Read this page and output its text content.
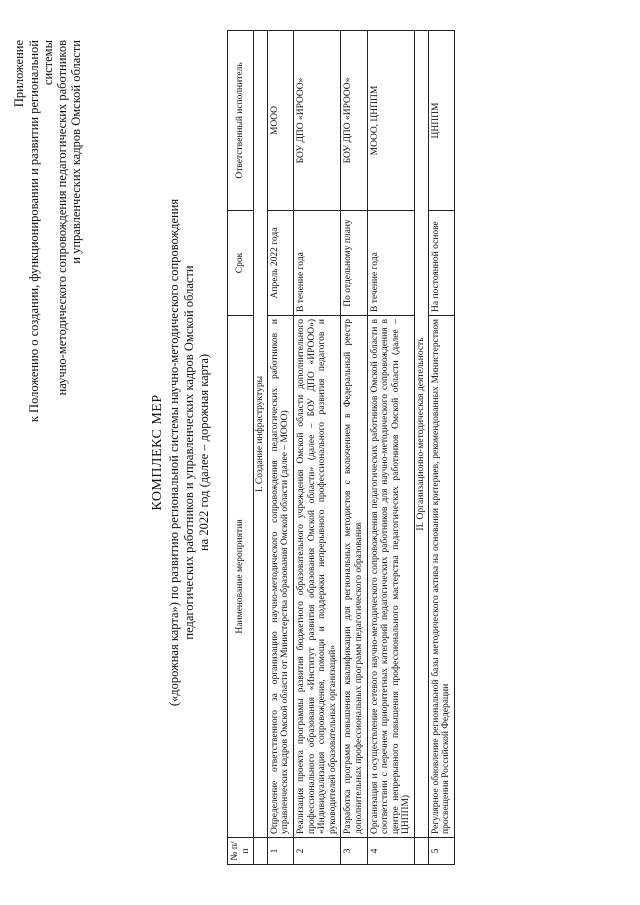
Приложение к Положению о создании, функционировании и развитии региональной системы научно-методического сопровождения педагогических работников и управленческих кадров Омской области
КОМПЛЕКС МЕР («дорожная карта») по развитию региональной системы научно-методического сопровождения педагогических работников и управленческих кадров Омской области на 2022 год (далее – дорожная карта)
№ п/п	Наименование мероприятия	Срок	Ответственный исполнитель
	I. Создание инфраструктуры		
1	Определение ответственного за организацию научно-методического сопровождения педагогических работников и управленческих кадров Омской области от Министерства образования Омской области (далее – МООО)	Апрель 2022 года	МООО
2	Реализация проекта программы развития бюджетного образовательного учреждения Омской области дополнительного профессионального образования «Институт развития образования Омской области» (далее – БОУ ДПО «ИРООО») «Индивидуализация сопровождения, помощи и поддержки непрерывного профессионального развития педагогов и руководителей образовательных организаций»	В течение года	БОУ ДПО «ИРООО»
3	Разработка программ повышения квалификации для региональных методистов с включением в Федеральный реестр дополнительных профессиональных программ педагогического образования	По отдельному плану	БОУ ДПО «ИРООО»
4	Организация и осуществление сетевого научно-методического сопровождения педагогических работников Омской области в соответствии с перечнем приоритетных категорий педагогических работников для научно-методического сопровождения в центре непрерывного повышения профессионального мастерства педагогических работников Омской области (далее – ЦНППМ)	В течение года	МООО, ЦНППМ
	II. Организационно-методическая деятельность		
5	Регулярное обновление региональной базы методического актива на основании критериев, рекомендованных Министерством просвещения Российской Федерации	На постоянной основе	ЦНППМ
